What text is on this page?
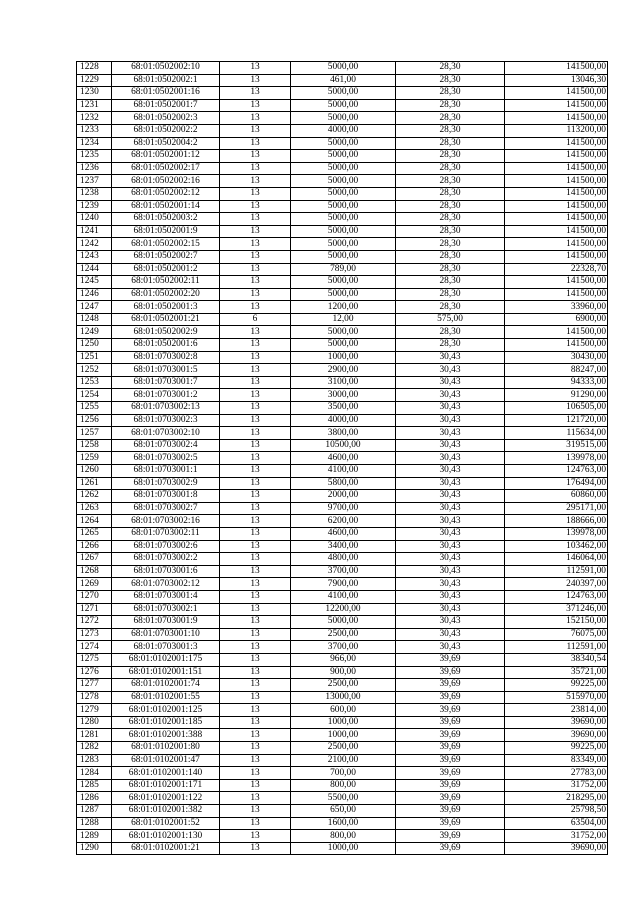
1228	68:01:0502002:10	13	5000,00	28,30	141500,00
1229	68:01:0502002:1	13	461,00	28,30	13046,30
1230	68:01:0502001:16	13	5000,00	28,30	141500,00
1231	68:01:0502001:7	13	5000,00	28,30	141500,00
1232	68:01:0502002:3	13	5000,00	28,30	141500,00
1233	68:01:0502002:2	13	4000,00	28,30	113200,00
1234	68:01:0502004:2	13	5000,00	28,30	141500,00
1235	68:01:0502001:12	13	5000,00	28,30	141500,00
1236	68:01:0502002:17	13	5000,00	28,30	141500,00
1237	68:01:0502002:16	13	5000,00	28,30	141500,00
1238	68:01:0502002:12	13	5000,00	28,30	141500,00
1239	68:01:0502001:14	13	5000,00	28,30	141500,00
1240	68:01:0502003:2	13	5000,00	28,30	141500,00
1241	68:01:0502001:9	13	5000,00	28,30	141500,00
1242	68:01:0502002:15	13	5000,00	28,30	141500,00
1243	68:01:0502002:7	13	5000,00	28,30	141500,00
1244	68:01:0502001:2	13	789,00	28,30	22328,70
1245	68:01:0502002:11	13	5000,00	28,30	141500,00
1246	68:01:0502002:20	13	5000,00	28,30	141500,00
1247	68:01:0502001:3	13	1200,00	28,30	33960,00
1248	68:01:0502001:21	6	12,00	575,00	6900,00
1249	68:01:0502002:9	13	5000,00	28,30	141500,00
1250	68:01:0502001:6	13	5000,00	28,30	141500,00
1251	68:01:0703002:8	13	1000,00	30,43	30430,00
1252	68:01:0703001:5	13	2900,00	30,43	88247,00
1253	68:01:0703001:7	13	3100,00	30,43	94333,00
1254	68:01:0703001:2	13	3000,00	30,43	91290,00
1255	68:01:0703002:13	13	3500,00	30,43	106505,00
1256	68:01:0703002:3	13	4000,00	30,43	121720,00
1257	68:01:0703002:10	13	3800,00	30,43	115634,00
1258	68:01:0703002:4	13	10500,00	30,43	319515,00
1259	68:01:0703002:5	13	4600,00	30,43	139978,00
1260	68:01:0703001:1	13	4100,00	30,43	124763,00
1261	68:01:0703002:9	13	5800,00	30,43	176494,00
1262	68:01:0703001:8	13	2000,00	30,43	60860,00
1263	68:01:0703002:7	13	9700,00	30,43	295171,00
1264	68:01:0703002:16	13	6200,00	30,43	188666,00
1265	68:01:0703002:11	13	4600,00	30,43	139978,00
1266	68:01:0703002:6	13	3400,00	30,43	103462,00
1267	68:01:0703002:2	13	4800,00	30,43	146064,00
1268	68:01:0703001:6	13	3700,00	30,43	112591,00
1269	68:01:0703002:12	13	7900,00	30,43	240397,00
1270	68:01:0703001:4	13	4100,00	30,43	124763,00
1271	68:01:0703002:1	13	12200,00	30,43	371246,00
1272	68:01:0703001:9	13	5000,00	30,43	152150,00
1273	68:01:0703001:10	13	2500,00	30,43	76075,00
1274	68:01:0703001:3	13	3700,00	30,43	112591,00
1275	68:01:0102001:175	13	966,00	39,69	38340,54
1276	68:01:0102001:151	13	900,00	39,69	35721,00
1277	68:01:0102001:74	13	2500,00	39,69	99225,00
1278	68:01:0102001:55	13	13000,00	39,69	515970,00
1279	68:01:0102001:125	13	600,00	39,69	23814,00
1280	68:01:0102001:185	13	1000,00	39,69	39690,00
1281	68:01:0102001:388	13	1000,00	39,69	39690,00
1282	68:01:0102001:80	13	2500,00	39,69	99225,00
1283	68:01:0102001:47	13	2100,00	39,69	83349,00
1284	68:01:0102001:140	13	700,00	39,69	27783,00
1285	68:01:0102001:171	13	800,00	39,69	31752,00
1286	68:01:0102001:122	13	5500,00	39,69	218295,00
1287	68:01:0102001:382	13	650,00	39,69	25798,50
1288	68:01:0102001:52	13	1600,00	39,69	63504,00
1289	68:01:0102001:130	13	800,00	39,69	31752,00
1290	68:01:0102001:21	13	1000,00	39,69	39690,00
